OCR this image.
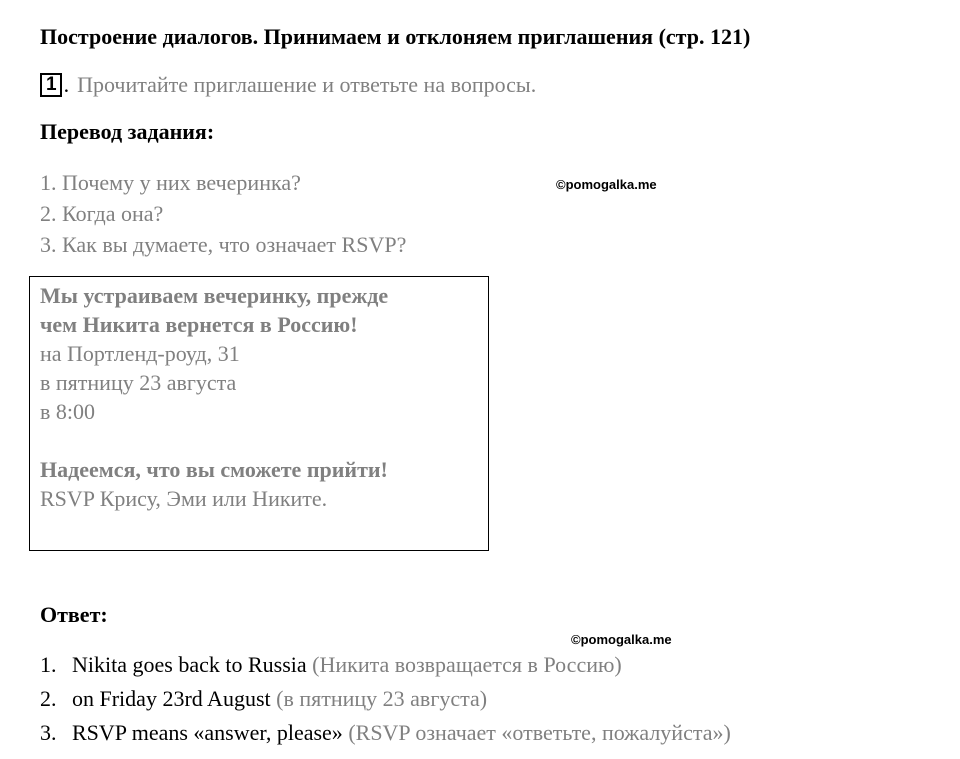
Построение диалогов. Принимаем и отклоняем приглашения (стр. 121)
1 . Прочитайте приглашение и ответьте на вопросы.
Перевод задания:
1. Почему у них вечеринка?
2. Когда она?
3. Как вы думаете, что означает RSVP?
©pomogalka.me
Мы устраиваем вечеринку, прежде
чем Никита вернется в Россию!
на Портленд-роуд, 31
в пятницу 23 августа
в 8:00
Надеемся, что вы сможете прийти!
RSVP Крису, Эми или Никите.
Ответ:
©pomogalka.me
1. Nikita goes back to Russia
(Никита возвращается в Россию)
2. on Friday 23rd August
(в пятницу 23 августа)
3. RSVP means «answer, please»
(RSVP означает «ответьте, пожалуйста»)
